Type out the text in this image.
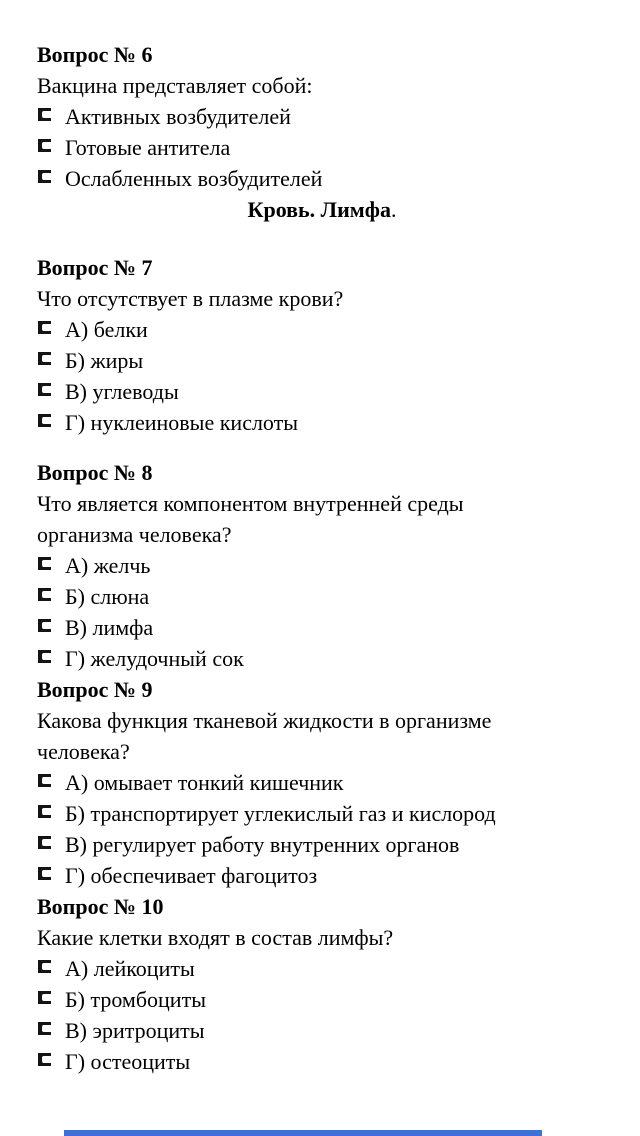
Вопрос № 6
Вакцина представляет собой:
Активных возбудителей
Готовые антитела
Ослабленных возбудителей
Кровь. Лимфа.
Вопрос № 7
Что отсутствует в плазме крови?
А) белки
Б) жиры
В) углеводы
Г) нуклеиновые кислоты
Вопрос № 8
Что является компонентом внутренней среды
организма человека?
А) желчь
Б) слюна
В) лимфа
Г) желудочный сок
Вопрос № 9
Какова функция тканевой жидкости в организме
человека?
А) омывает тонкий кишечник
Б) транспортирует углекислый газ и кислород
В) регулирует работу внутренних органов
Г) обеспечивает фагоцитоз
Вопрос № 10
Какие клетки входят в состав лимфы?
А) лейкоциты
Б) тромбоциты
В) эритроциты
Г) остеоциты
